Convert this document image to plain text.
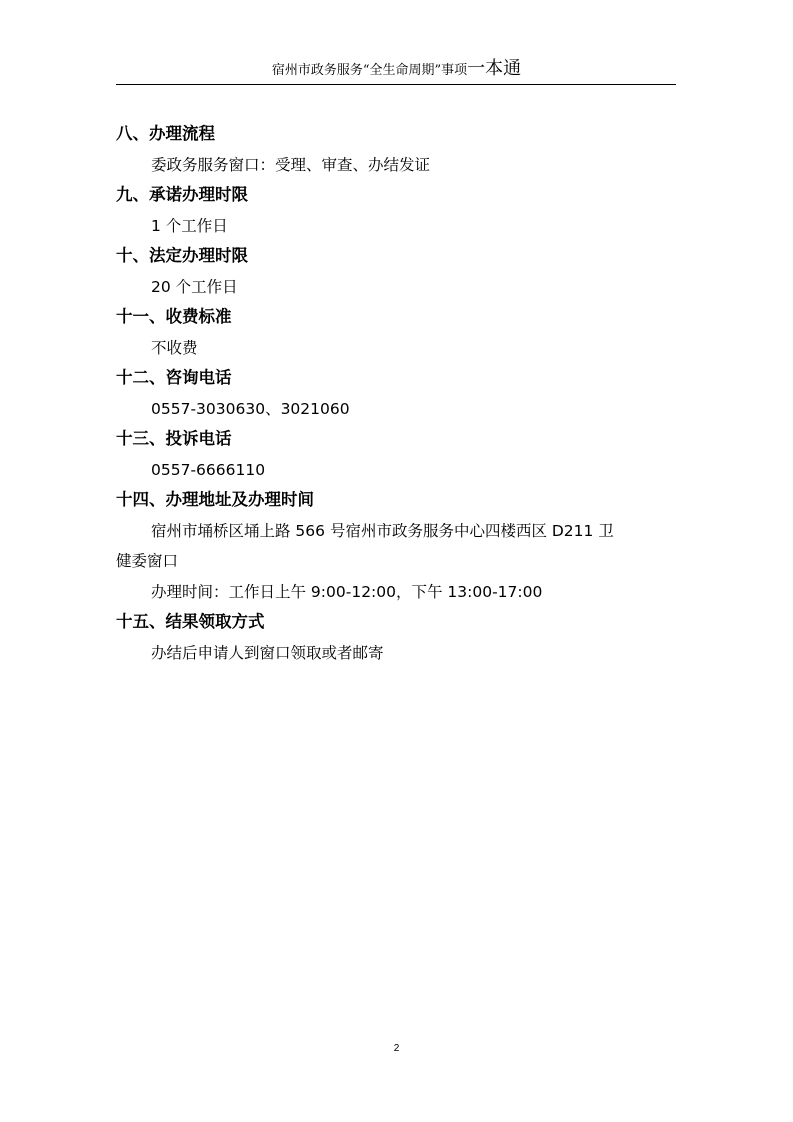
宿州市政务服务“全生命周期”事项一本通
八、办理流程
委政务服务窗口：受理、审查、办结发证
九、承诺办理时限
1 个工作日
十、法定办理时限
20 个工作日
十一、收费标准
不收费
十二、咨询电话
0557-3030630、3021060
十三、投诉电话
0557-6666110
十四、办理地址及办理时间
宿州市埇桥区埇上路 566 号宿州市政务服务中心四楼西区 D211 卫
健委窗口
办理时间：工作日上午 9:00-12:00，下午 13:00-17:00
十五、结果领取方式
办结后申请人到窗口领取或者邮寄
2
